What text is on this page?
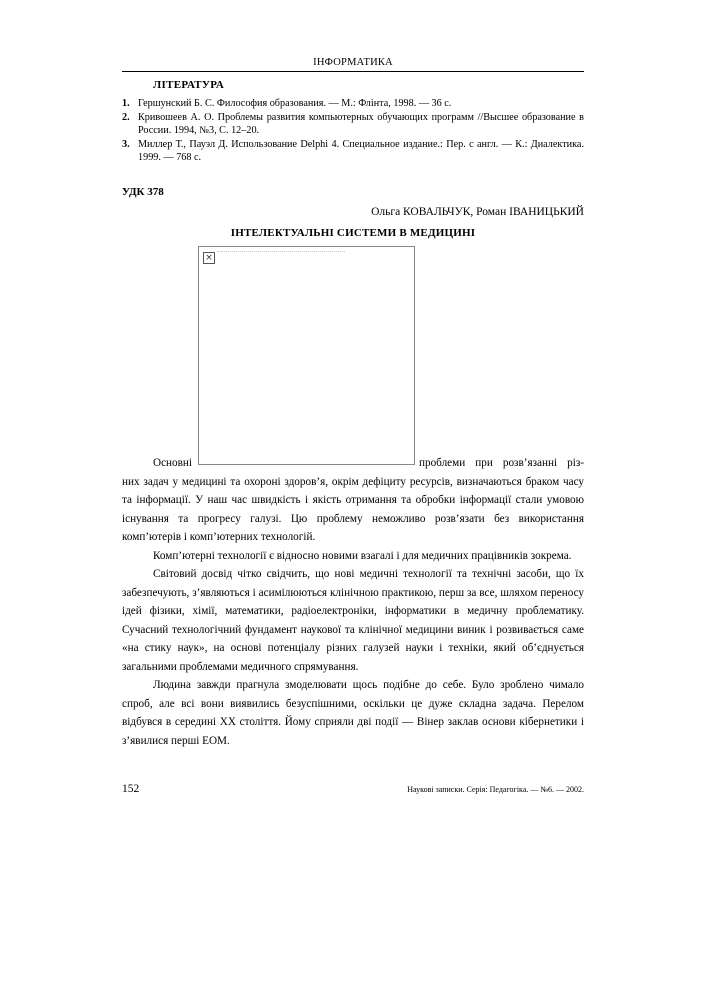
ІНФОРМАТИКА
ЛІТЕРАТУРА
1. Гершунский Б. С. Философия образования. — М.: Флінта, 1998. — 36 с.
2. Кривошеев А. О. Проблемы развития компьютерных обучающих программ //Высшее образование в России. 1994, №3, С. 12–20.
3. Миллер Т., Пауэл Д. Использование Delphi 4. Специальное издание.: Пер. с англ. — К.: Диалектика. 1999. — 768 с.
УДК 378
Ольга КОВАЛЬЧУК, Роман ІВАНИЦЬКИЙ
ІНТЕЛЕКТУАЛЬНІ СИСТЕМИ В МЕДИЦИНІ
×
Основні	проблеми при розв’язанні різ-

них задач у медицині та охороні здоров’я, окрім дефіциту ресурсів, визначаються браком часу та інформації. У наш час швидкість і якість отримання та обробки інформації стали умовою існування та прогресу галузі. Цю проблему неможливо розв’язати без використання комп’ютерів і комп’ютерних технологій.

Комп’ютерні технології є відносно новими взагалі і для медичних працівників зокрема.

Світовий досвід чітко свідчить, що нові медичні технології та технічні засоби, що їх забезпечують, з’являються і асимілюються клінічною практикою, перш за все, шляхом переносу ідей фізики, хімії, математики, радіоелектроніки, інформатики в медичну проблематику. Сучасний технологічний фундамент наукової та клінічної медицини виник і розвивається саме «на стику наук», на основі потенціалу різних галузей науки і техніки, який об’єднується загальними проблемами медичного спрямування.

Людина завжди прагнула змоделювати щось подібне до себе. Було зроблено чимало спроб, але всі вони виявились безуспішними, оскільки це дуже складна задача. Перелом відбувся в середині XX століття. Йому сприяли дві події — Вінер заклав основи кібернетики і з’явилися перші ЕОМ.

152	Наукові записки. Серія: Педагогіка. — №6. — 2002.
